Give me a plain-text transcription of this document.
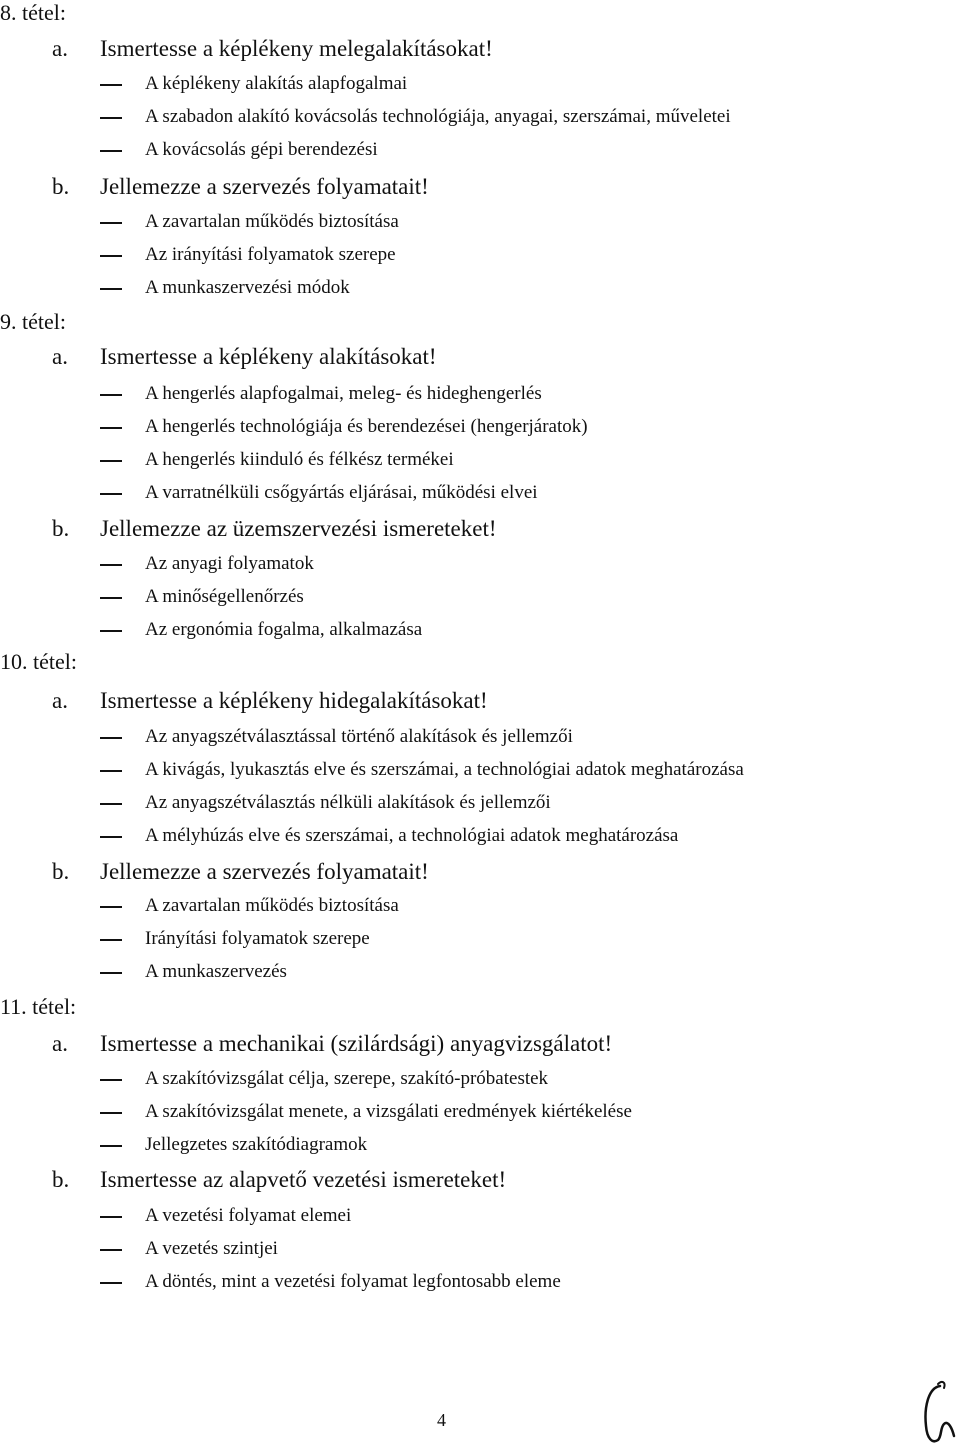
8. tétel:
a. Ismertesse a képlékeny melegalakításokat!
A képlékeny alakítás alapfogalmai
A szabadon alakító kovácsolás technológiája, anyagai, szerszámai, műveletei
A kovácsolás gépi berendezési
b. Jellemezze a szervezés folyamatait!
A zavartalan működés biztosítása
Az irányítási folyamatok szerepe
A munkaszervezési módok
9. tétel:
a. Ismertesse a képlékeny alakításokat!
A hengerlés alapfogalmai, meleg- és hideghengerlés
A hengerlés technológiája és berendezései (hengerjáratok)
A hengerlés kiinduló és félkész termékei
A varratnélküli csőgyártás eljárásai, működési elvei
b. Jellemezze az üzemszervezési ismereteket!
Az anyagi folyamatok
A minőségellenőrzés
Az ergonómia fogalma, alkalmazása
10. tétel:
a. Ismertesse a képlékeny hidegalakításokat!
Az anyagszétválasztással történő alakítások és jellemzői
A kivágás, lyukasztás elve és szerszámai, a technológiai adatok meghatározása
Az anyagszétválasztás nélküli alakítások és jellemzői
A mélyhúzás elve és szerszámai, a technológiai adatok meghatározása
b. Jellemezze a szervezés folyamatait!
A zavartalan működés biztosítása
Irányítási folyamatok szerepe
A munkaszervezés
11. tétel:
a. Ismertesse a mechanikai (szilárdsági) anyagvizsgálatot!
A szakítóvizsgálat célja, szerepe, szakító-próbatestek
A szakítóvizsgálat menete, a vizsgálati eredmények kiértékelése
Jellegzetes szakítódiagramok
b. Ismertesse az alapvető vezetési ismereteket!
A vezetési folyamat elemei
A vezetés szintjei
A döntés, mint a vezetési folyamat legfontosabb eleme
4
